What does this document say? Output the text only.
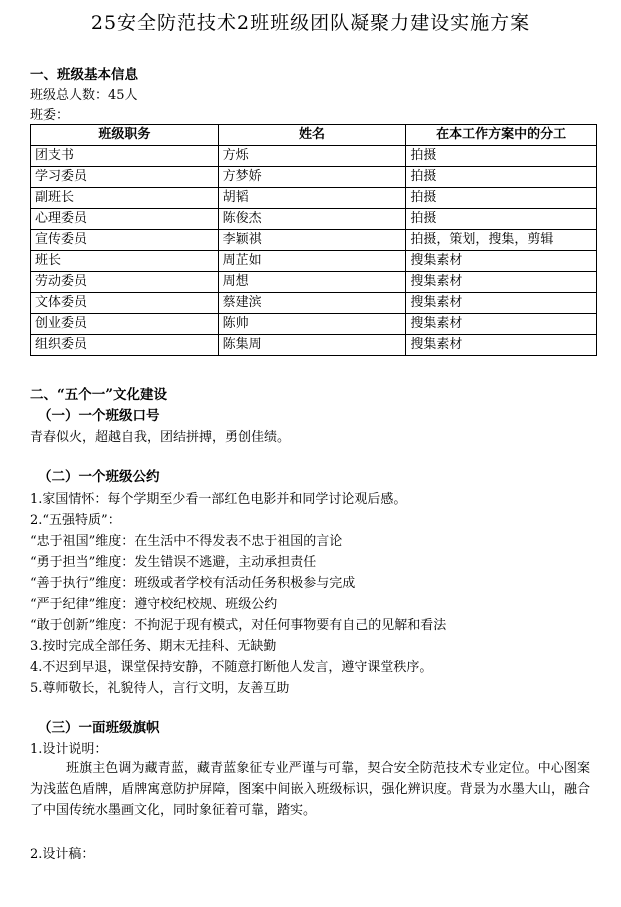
25安全防范技术2班班级团队凝聚力建设实施方案
一、班级基本信息
班级总人数：45人
班委：
班级职务	姓名	在本工作方案中的分工
团支书	方烁	拍摄
学习委员	方梦娇	拍摄
副班长	胡韬	拍摄
心理委员	陈俊杰	拍摄
宣传委员	李颖祺	拍摄，策划，搜集，剪辑
班长	周芷如	搜集素材
劳动委员	周想	搜集素材
文体委员	蔡建滨	搜集素材
创业委员	陈帅	搜集素材
组织委员	陈集周	搜集素材
二、“五个一”文化建设
（一）一个班级口号
青春似火，超越自我，团结拼搏，勇创佳绩。
（二）一个班级公约
1.家国情怀：每个学期至少看一部红色电影并和同学讨论观后感。
2.“五强特质”：
“忠于祖国”维度：在生活中不得发表不忠于祖国的言论
“勇于担当”维度：发生错误不逃避，主动承担责任
“善于执行”维度：班级或者学校有活动任务积极参与完成
“严于纪律”维度：遵守校纪校规、班级公约
“敢于创新”维度：不拘泥于现有模式，对任何事物要有自己的见解和看法
3.按时完成全部任务、期末无挂科、无缺勤
4.不迟到早退，课堂保持安静，不随意打断他人发言，遵守课堂秩序。
5.尊师敬长，礼貌待人，言行文明，友善互助
（三）一面班级旗帜
1.设计说明：
班旗主色调为藏青蓝，藏青蓝象征专业严谨与可靠，契合安全防范技术专业定位。中心图案为浅蓝色盾牌，盾牌寓意防护屏障，图案中间嵌入班级标识，强化辨识度。背景为水墨大山，融合了中国传统水墨画文化，同时象征着可靠，踏实。
2.设计稿：
